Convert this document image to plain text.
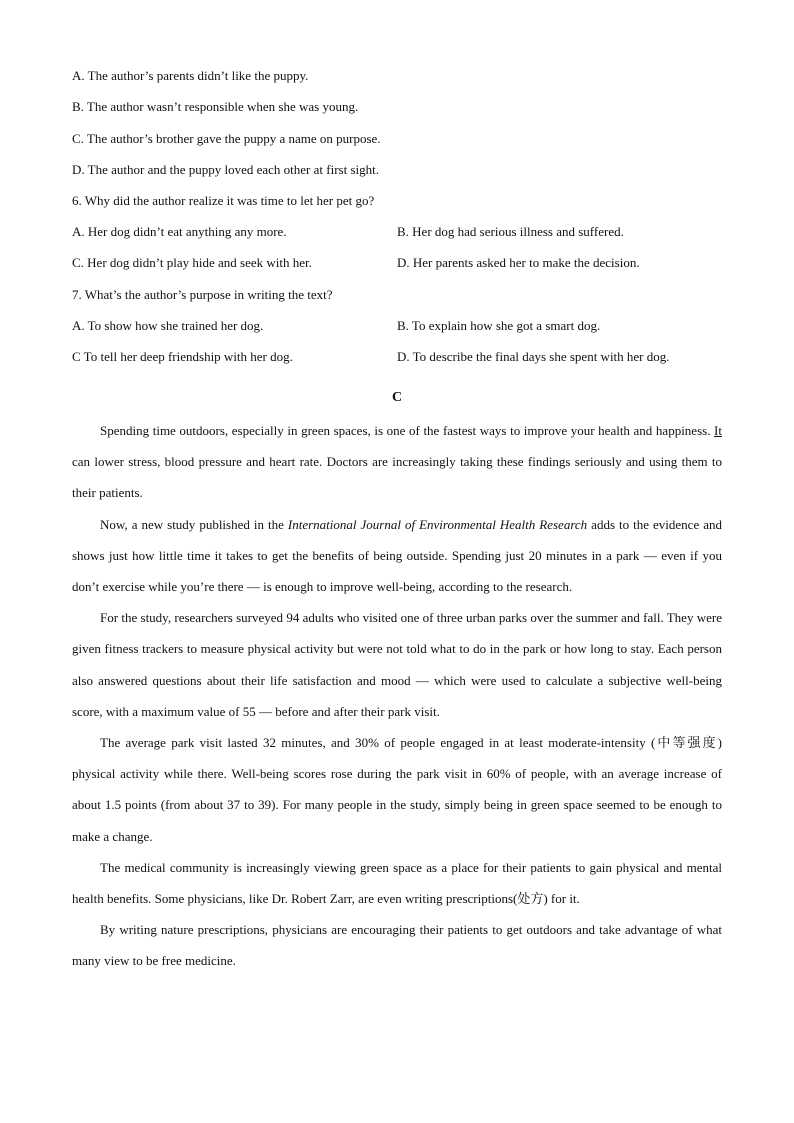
A. The author’s parents didn’t like the puppy.
B. The author wasn’t responsible when she was young.
C. The author’s brother gave the puppy a name on purpose.
D. The author and the puppy loved each other at first sight.
6. Why did the author realize it was time to let her pet go?
A. Her dog didn’t eat anything any more.	B. Her dog had serious illness and suffered.
C. Her dog didn’t play hide and seek with her.	D. Her parents asked her to make the decision.
7. What’s the author’s purpose in writing the text?
A. To show how she trained her dog.	B. To explain how she got a smart dog.
C To tell her deep friendship with her dog.	D. To describe the final days she spent with her dog.
C

Spending time outdoors, especially in green spaces, is one of the fastest ways to improve your health and happiness. It can lower stress, blood pressure and heart rate. Doctors are increasingly taking these findings seriously and using them to their patients.

Now, a new study published in the International Journal of Environmental Health Research adds to the evidence and shows just how little time it takes to get the benefits of being outside. Spending just 20 minutes in a park — even if you don’t exercise while you’re there — is enough to improve well-being, according to the research.

For the study, researchers surveyed 94 adults who visited one of three urban parks over the summer and fall. They were given fitness trackers to measure physical activity but were not told what to do in the park or how long to stay. Each person also answered questions about their life satisfaction and mood — which were used to calculate a subjective well-being score, with a maximum value of 55 — before and after their park visit.

The average park visit lasted 32 minutes, and 30% of people engaged in at least moderate-intensity (中等强度) physical activity while there. Well-being scores rose during the park visit in 60% of people, with an average increase of about 1.5 points (from about 37 to 39). For many people in the study, simply being in green space seemed to be enough to make a change.

The medical community is increasingly viewing green space as a place for their patients to gain physical and mental health benefits. Some physicians, like Dr. Robert Zarr, are even writing prescriptions(处方) for it.

By writing nature prescriptions, physicians are encouraging their patients to get outdoors and take advantage of what many view to be free medicine.
